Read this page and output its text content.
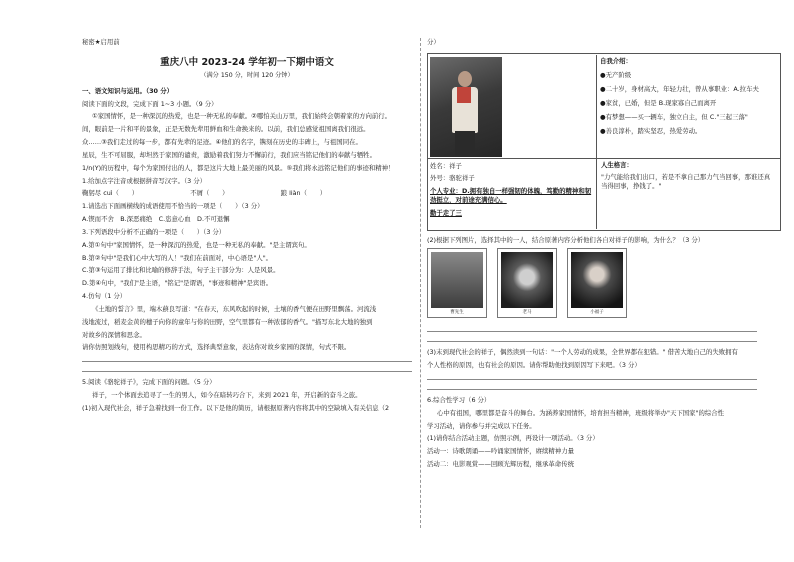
秘密★启用前
重庆八中 2023-24 学年初一下期中语文
（满分 150 分，时间 120 分钟）
一、语文知识与运用。（30 分）
阅读下面的文段，完成下面 1~3 小题。（9 分）
①家国情怀，是一种深沉的热爱，也是一种无私的奉献。②哪怕关山万里，我们始终会朝着家的方向前行。
间，眼前是一片和平的景象，正是无数先辈用鲜血和生命换来的。以前，我们总感觉祖国离我们很远。
众……③我们走过的每一步，都有先辈的足迹。④他们的名字，镌刻在历史的丰碑上，与祖国同在。
星辰，生不可屈服，却坦然于家国的谴责，激励着我们努力不懈前行，我们应当铭记他们的奉献与牺牲。
1/n(Y)的历程中，每个为家国付出的人，都是这片大地上最美丽的风景。⑤我们将永远铭记他们的事迹和精神！
1.给加点字注音或根据拼音写汉字。（3 分）
鞠躬尽 cuì（　　）	不屑（　　）	踉 liàn（　　）
1.请选出下面画横线的成语使用不恰当的一项是（　　）（3 分）
A.锲而不舍　B.深恶痛绝　C.恣意心血　D.不可退懈
3.下列语段中分析不正确的一项是（　　）（3 分）
A.第①句中"家国情怀，是一种深沉的热爱，也是一种无私的奉献。"是主谓宾句。
B.第②句中"是我们心中大写的人！"我们在前面对，中心语是"人"。
C.第③句运用了排比和比喻的修辞手法，句子主干部分为：人是风景。
D.第④句中，"我们"是主语，"铭记"是谓语，"事迹和精神"是宾语。
4.仿句（1 分）
《土地的誓言》里，端木蕻良写道："在春天，东风吹起的时候，土壤的香气便在田野里飘荡。河流浅
浅地流过，稻麦金黄的穗子向你的童年与你的田野，空气里都有一种浓郁的香气。"描写东北大地的独到
对故乡的深情和思念。
请你仿照划线句，使用构思精巧的方式，选择典型意象，表达你对故乡家园的深情，句式不限。
5.阅读《骆驼祥子》，完成下面的问题。（5 分）
祥子，一个体面去追寻了一生的男人，如今在暗转巧合下，来到 2021 年，开启新的奋斗之旅。
(1)初入现代社会，祥子急着找到一份工作。以下是他的简历，请根据原著内容将其中的空缺填入有关信息（2
分）
自我介绍：
●无产阶级
●二十岁，身材高大，年轻力壮，曾从事职业：A.拉车夫
●家贫，已婚，但是 B.现家寡自己而离开
●有梦想——买一辆车，独立自主，但 C."三起三落"
●善良淳朴，踏实坚忍，热爱劳动。
姓名：祥子
外号：骆驼祥子
个人专业：D.拥有独自一样强韧的体魄，笃勤的精神和韧劲挺立，对前途充满信心。
勤于走了三
人生格言：
"力气能给我们出口，若是不拿自己那力气当回事，那谁还真当得回事，挣钱了。"
(2)根据下列图片，选择其中的一人，结合原著内容分析他们各自对祥子的影响，为什么？（3 分）
曹先生	老马	小福子
(3)末到现代社会的祥子，偶然读到一句话："一个人劳动的成果，全世界都在犯错。" 借苦大地自己的失败拥有
个人性格的原因，也有社会的原因。请你帮助他找到原因写下来吧。（3 分）
6.综合性学习（6 分）
心中有祖国，哪里都是奋斗的舞台。为涵养家国情怀，培育担当精神，班级将举办"天下国家"的综合性
学习活动，请你参与并完成以下任务。
(1)请你结合活动主题，仿照示例，再设计一项活动。（3 分）
活动一：诗歌朗诵——吟诵家国情怀，赓续精神力量
活动二：电影观赏——回顾光辉历程，继承革命传统
